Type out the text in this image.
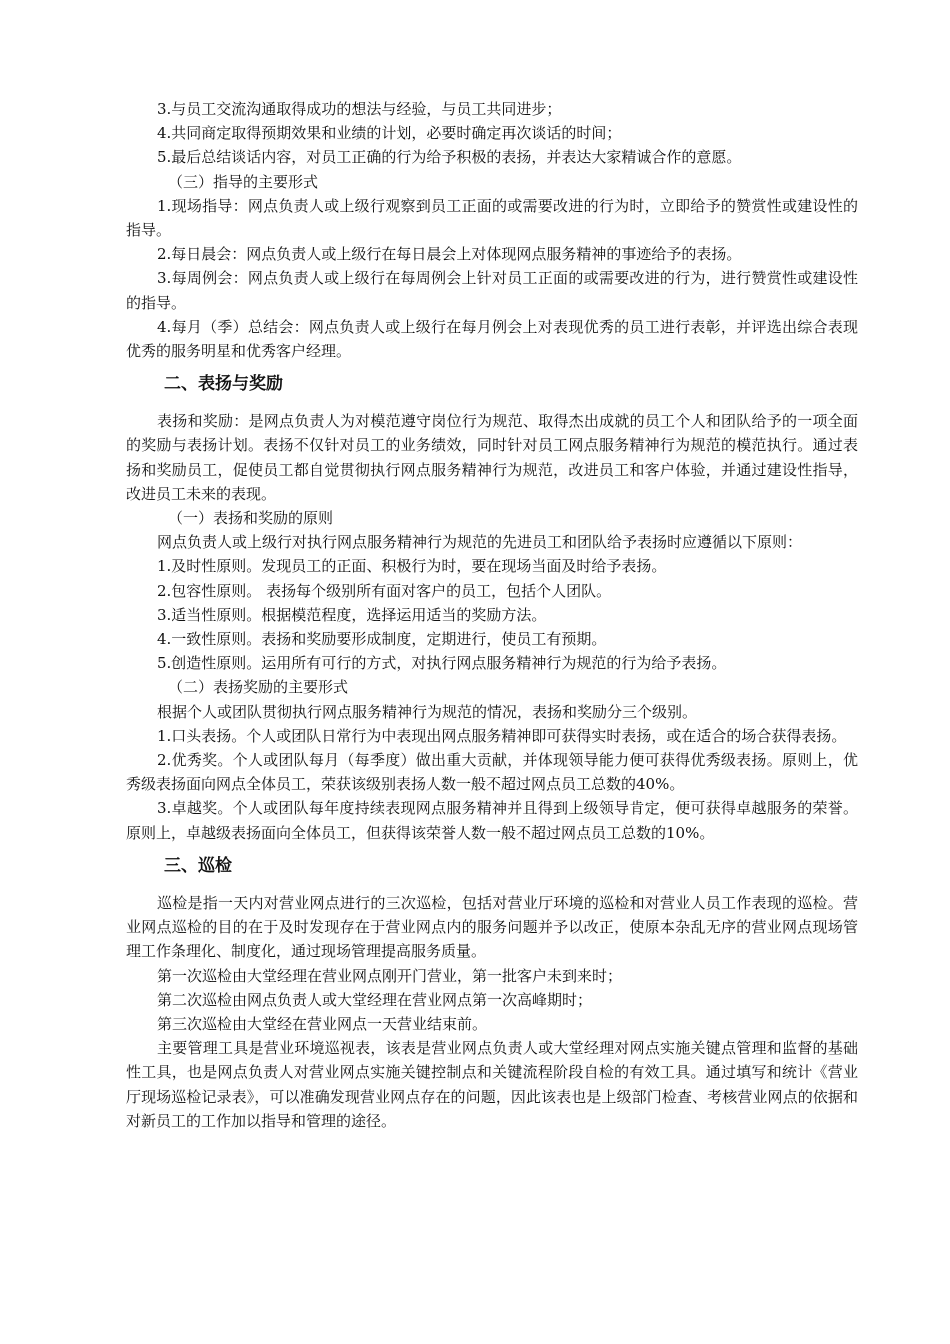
3.与员工交流沟通取得成功的想法与经验，与员工共同进步；

4.共同商定取得预期效果和业绩的计划，必要时确定再次谈话的时间；

5.最后总结谈话内容，对员工正确的行为给予积极的表扬，并表达大家精诚合作的意愿。

（三）指导的主要形式

1.现场指导：网点负责人或上级行观察到员工正面的或需要改进的行为时，立即给予的赞赏性或建设性的指导。

2.每日晨会：网点负责人或上级行在每日晨会上对体现网点服务精神的事迹给予的表扬。

3.每周例会：网点负责人或上级行在每周例会上针对员工正面的或需要改进的行为，进行赞赏性或建设性的指导。

4.每月（季）总结会：网点负责人或上级行在每月例会上对表现优秀的员工进行表彰，并评选出综合表现优秀的服务明星和优秀客户经理。

二、表扬与奖励

表扬和奖励：是网点负责人为对模范遵守岗位行为规范、取得杰出成就的员工个人和团队给予的一项全面的奖励与表扬计划。表扬不仅针对员工的业务绩效，同时针对员工网点服务精神行为规范的模范执行。通过表扬和奖励员工，促使员工都自觉贯彻执行网点服务精神行为规范，改进员工和客户体验，并通过建设性指导，改进员工未来的表现。

（一）表扬和奖励的原则

网点负责人或上级行对执行网点服务精神行为规范的先进员工和团队给予表扬时应遵循以下原则：

1.及时性原则。发现员工的正面、积极行为时，要在现场当面及时给予表扬。

2.包容性原则。 表扬每个级别所有面对客户的员工，包括个人团队。

3.适当性原则。根据模范程度，选择运用适当的奖励方法。

4.一致性原则。表扬和奖励要形成制度，定期进行，使员工有预期。

5.创造性原则。运用所有可行的方式，对执行网点服务精神行为规范的行为给予表扬。

（二）表扬奖励的主要形式

根据个人或团队贯彻执行网点服务精神行为规范的情况，表扬和奖励分三个级别。

1.口头表扬。个人或团队日常行为中表现出网点服务精神即可获得实时表扬，或在适合的场合获得表扬。

2.优秀奖。个人或团队每月（每季度）做出重大贡献，并体现领导能力便可获得优秀级表扬。原则上，优秀级表扬面向网点全体员工，荣获该级别表扬人数一般不超过网点员工总数的40%。

3.卓越奖。个人或团队每年度持续表现网点服务精神并且得到上级领导肯定，便可获得卓越服务的荣誉。原则上，卓越级表扬面向全体员工，但获得该荣誉人数一般不超过网点员工总数的10%。

三、巡检

巡检是指一天内对营业网点进行的三次巡检，包括对营业厅环境的巡检和对营业人员工作表现的巡检。营业网点巡检的目的在于及时发现存在于营业网点内的服务问题并予以改正，使原本杂乱无序的营业网点现场管理工作条理化、制度化，通过现场管理提高服务质量。

第一次巡检由大堂经理在营业网点刚开门营业，第一批客户未到来时；

第二次巡检由网点负责人或大堂经理在营业网点第一次高峰期时；

第三次巡检由大堂经在营业网点一天营业结束前。

主要管理工具是营业环境巡视表，该表是营业网点负责人或大堂经理对网点实施关键点管理和监督的基础性工具，也是网点负责人对营业网点实施关键控制点和关键流程阶段自检的有效工具。通过填写和统计《营业厅现场巡检记录表》，可以准确发现营业网点存在的问题，因此该表也是上级部门检查、考核营业网点的依据和对新员工的工作加以指导和管理的途径。
